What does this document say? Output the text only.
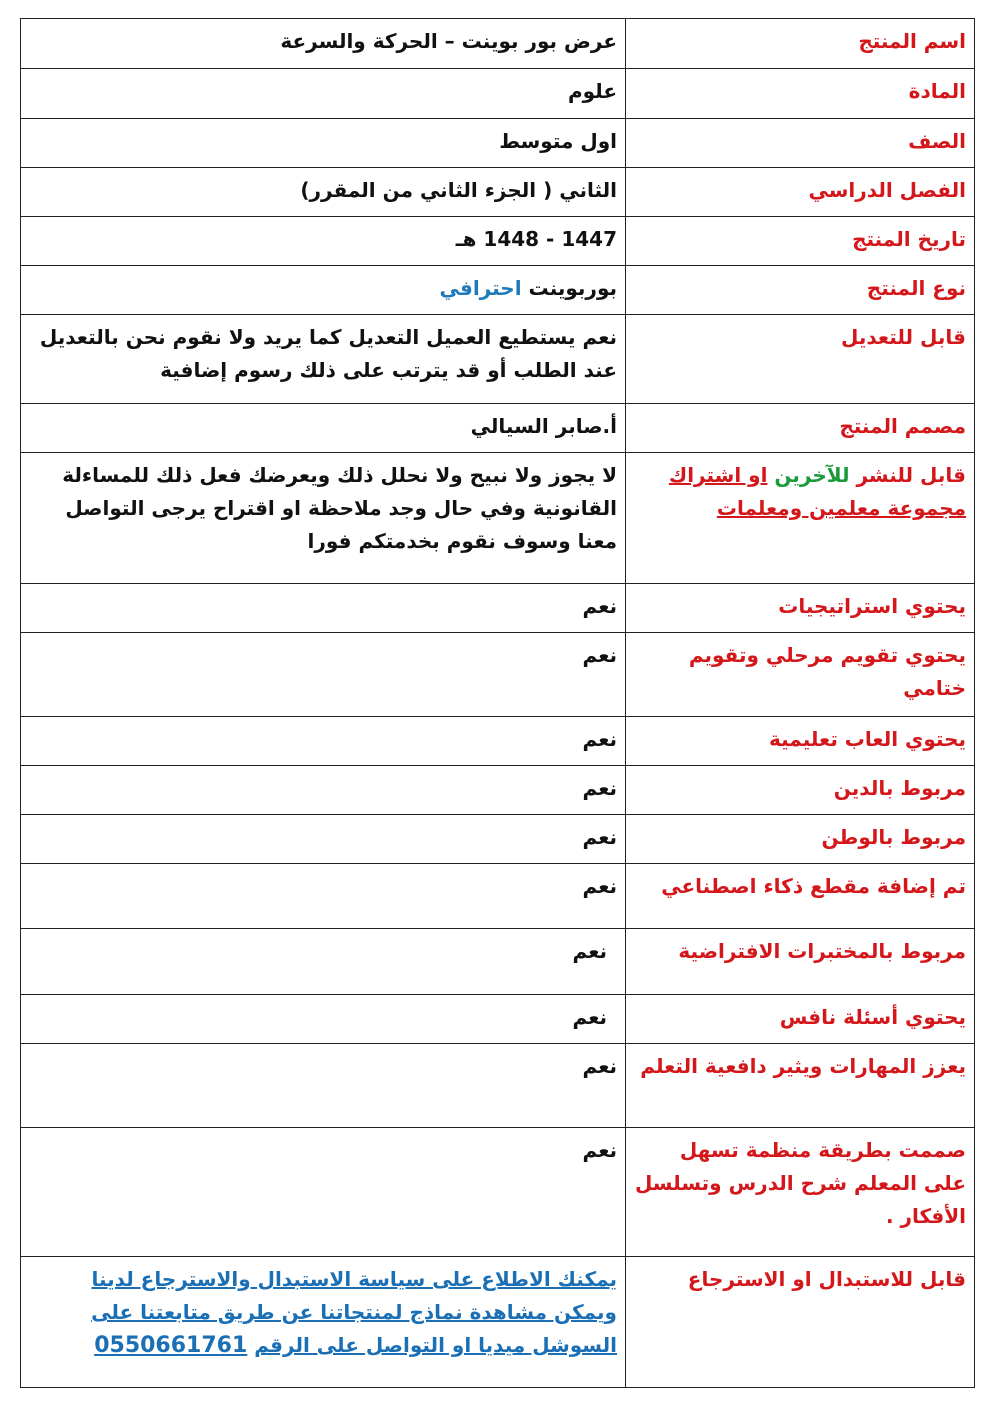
اسم المنتج	عرض بور بوينت – الحركة والسرعة
المادة	علوم
الصف	اول متوسط
الفصل الدراسي	الثاني ( الجزء الثاني من المقرر)
تاريخ المنتج	1447 - 1448 هـ
نوع المنتج	بوربوينت احترافي
قابل للتعديل	نعم يستطيع العميل التعديل كما يريد ولا نقوم نحن بالتعديل عند الطلب أو قد يترتب على ذلك رسوم إضافية
مصمم المنتج	أ.صابر السيالي
قابل للنشر للآخرين او اشتراك مجموعة معلمين ومعلمات	لا يجوز ولا نبيح ولا نحلل ذلك ويعرضك فعل ذلك للمساءلة القانونية وفي حال وجد ملاحظة او اقتراح يرجى التواصل معنا وسوف نقوم بخدمتكم فورا
يحتوي استراتيجيات	نعم
يحتوي تقويم مرحلي وتقويم ختامي	نعم
يحتوي العاب تعليمية	نعم
مربوط بالدين	نعم
مربوط بالوطن	نعم
تم إضافة مقطع ذكاء اصطناعي	نعم
مربوط بالمختبرات الافتراضية	نعم
يحتوي أسئلة نافس	نعم
يعزز المهارات ويثير دافعية التعلم	نعم
صممت بطريقة منظمة تسهل على المعلم شرح الدرس وتسلسل الأفكار .	نعم
قابل للاستبدال او الاسترجاع	يمكنك الاطلاع على سياسة الاستبدال والاسترجاع لدينا ويمكن مشاهدة نماذج لمنتجاتنا عن طريق متابعتنا على السوشل ميديا او التواصل على الرقم 0550661761
